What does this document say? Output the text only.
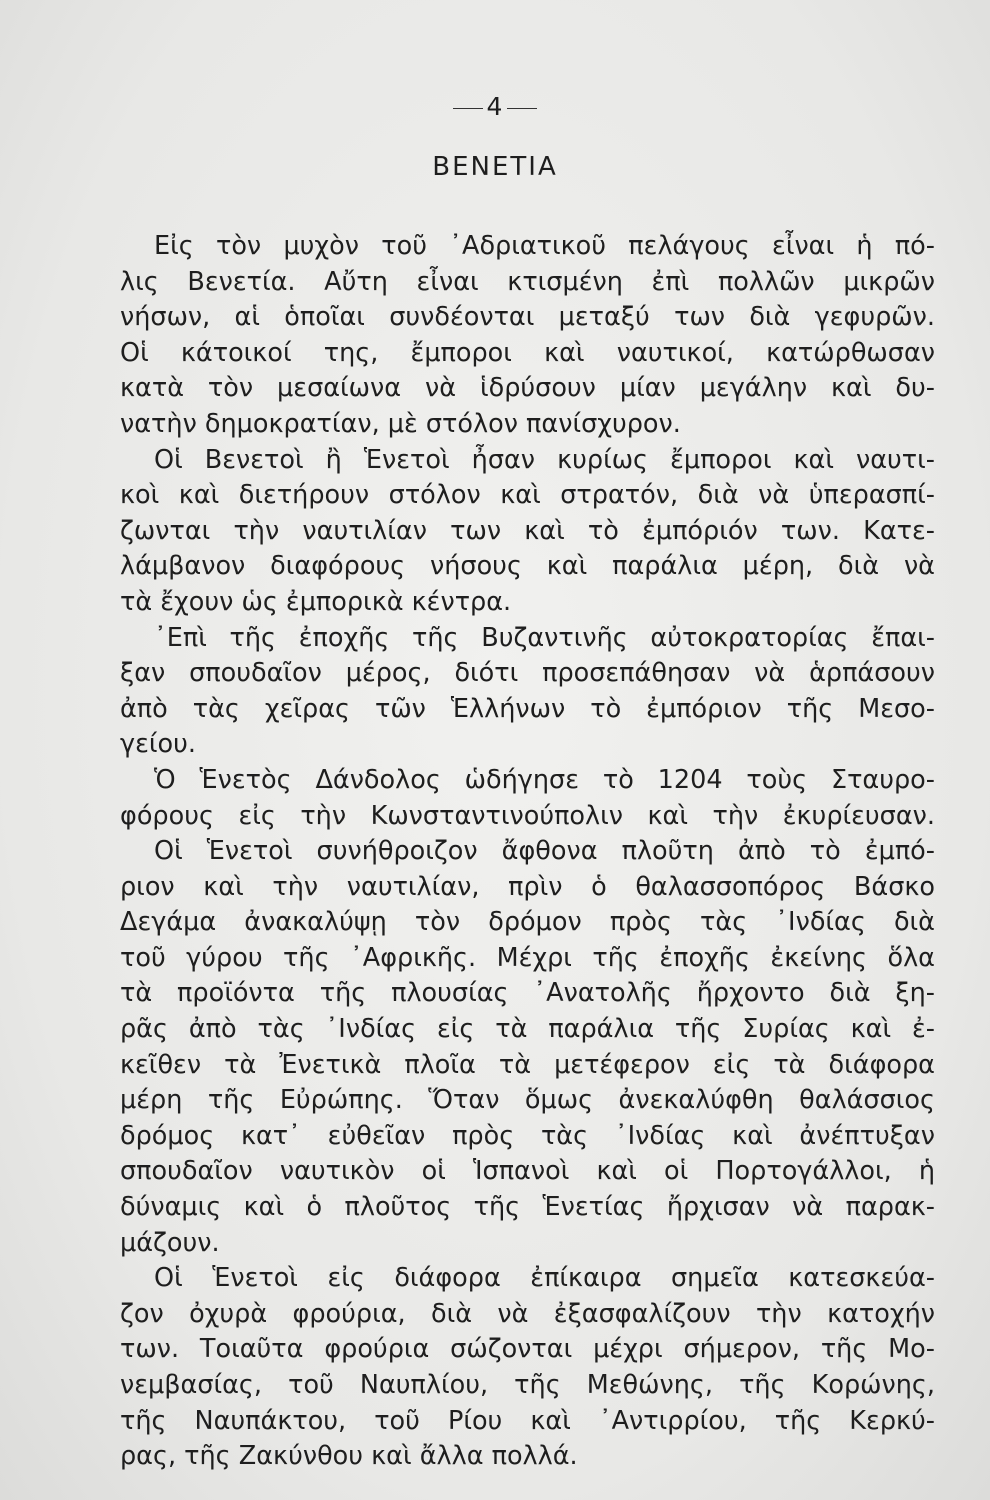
4
ΒΕΝΕΤΙΑ
Εἰς τὸν μυχὸν τοῦ ᾿Αδριατικοῦ πελάγους εἶναι ἡ πό-
λις Βενετία. Αὔτη εἶναι κτισμένη ἐπὶ πολλῶν μικρῶν
νήσων, αἱ ὁποῖαι συνδέονται μεταξύ των διὰ γεφυρῶν.
Οἱ κάτοικοί της, ἔμποροι καὶ ναυτικοί, κατώρθωσαν
κατὰ τὸν μεσαίωνα νὰ ἱδρύσουν μίαν μεγάλην καὶ δυ-
νατὴν δημοκρατίαν, μὲ στόλον πανίσχυρον.
Οἱ Βενετοὶ ἢ Ἑνετοὶ ἦσαν κυρίως ἔμποροι καὶ ναυτι-
κοὶ καὶ διετήρουν στόλον καὶ στρατόν, διὰ νὰ ὑπερασπί-
ζωνται τὴν ναυτιλίαν των καὶ τὸ ἐμπόριόν των. Κατε-
λάμβανον διαφόρους νήσους καὶ παράλια μέρη, διὰ νὰ
τὰ ἔχουν ὡς ἐμπορικὰ κέντρα.
᾿Επὶ τῆς ἐποχῆς τῆς Βυζαντινῆς αὐτοκρατορίας ἔπαι-
ξαν σπουδαῖον μέρος, διότι προσεπάθησαν νὰ ἁρπάσουν
ἀπὸ τὰς χεῖρας τῶν Ἑλλήνων τὸ ἐμπόριον τῆς Μεσο-
γείου.
Ὁ Ἑνετὸς Δάνδολος ὡδήγησε τὸ 1204 τοὺς Σταυρο-
φόρους εἰς τὴν Κωνσταντινούπολιν καὶ τὴν ἐκυρίευσαν.
Οἱ Ἑνετοὶ συνήθροιζον ἄφθονα πλοῦτη ἀπὸ τὸ ἐμπό-
ριον καὶ τὴν ναυτιλίαν, πρὶν ὁ θαλασσοπόρος Βάσκο
Δεγάμα ἀνακαλύψῃ τὸν δρόμον πρὸς τὰς ᾿Ινδίας διὰ
τοῦ γύρου τῆς ᾿Αφρικῆς. Μέχρι τῆς ἐποχῆς ἐκείνης ὅλα
τὰ προϊόντα τῆς πλουσίας ᾿Ανατολῆς ἤρχοντο διὰ ξη-
ρᾶς ἀπὸ τὰς ᾿Ινδίας εἰς τὰ παράλια τῆς Συρίας καὶ ἐ-
κεῖθεν τὰ Ἐνετικὰ πλοῖα τὰ μετέφερον εἰς τὰ διάφορα
μέρη τῆς Εὐρώπης. Ὅταν ὅμως ἀνεκαλύφθη θαλάσσιος
δρόμος κατ᾿ εὐθεῖαν πρὸς τὰς ᾿Ινδίας καὶ ἀνέπτυξαν
σπουδαῖον ναυτικὸν οἱ Ἱσπανοὶ καὶ οἱ Πορτογάλλοι, ἡ
δύναμις καὶ ὁ πλοῦτος τῆς Ἑνετίας ἤρχισαν νὰ παρακ-
μάζουν.
Οἱ Ἑνετοὶ εἰς διάφορα ἐπίκαιρα σημεῖα κατεσκεύα-
ζον ὀχυρὰ φρούρια, διὰ νὰ ἐξασφαλίζουν τὴν κατοχήν
των. Τοιαῦτα φρούρια σώζονται μέχρι σήμερον, τῆς Μο-
νεμβασίας, τοῦ Ναυπλίου, τῆς Μεθώνης, τῆς Κορώνης,
τῆς Ναυπάκτου, τοῦ Ρίου καὶ ᾿Αντιρρίου, τῆς Κερκύ-
ρας, τῆς Ζακύνθου καὶ ἄλλα πολλά.
